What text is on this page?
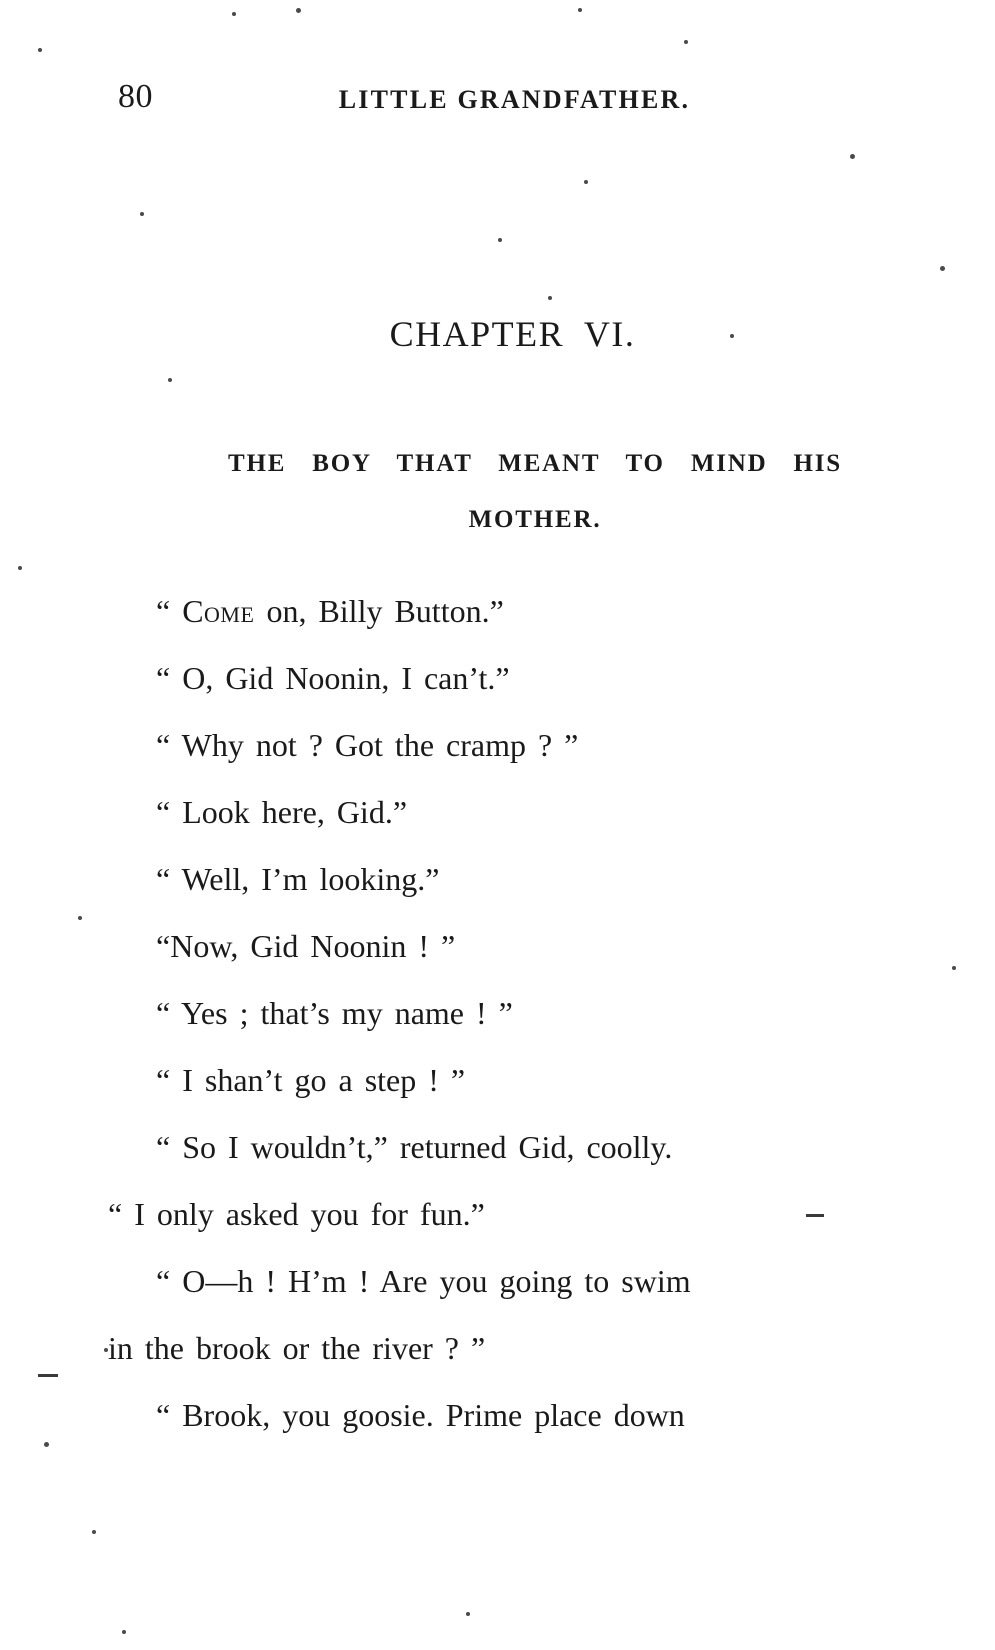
80	LITTLE GRANDFATHER.
CHAPTER VI.
THE BOY THAT MEANT TO MIND HIS
MOTHER.

“ Come on, Billy Button.”

“ O, Gid Noonin, I can’t.”

“ Why not ? Got the cramp ? ”

“ Look here, Gid.”

“ Well, I’m looking.”

“Now, Gid Noonin ! ”

“ Yes ; that’s my name ! ”

“ I shan’t go a step ! ”

“ So I wouldn’t,” returned Gid, coolly.

“ I only asked you for fun.”

“ O—h ! H’m ! Are you going to swim

in the brook or the river ? ”

“ Brook, you goosie. Prime place down
